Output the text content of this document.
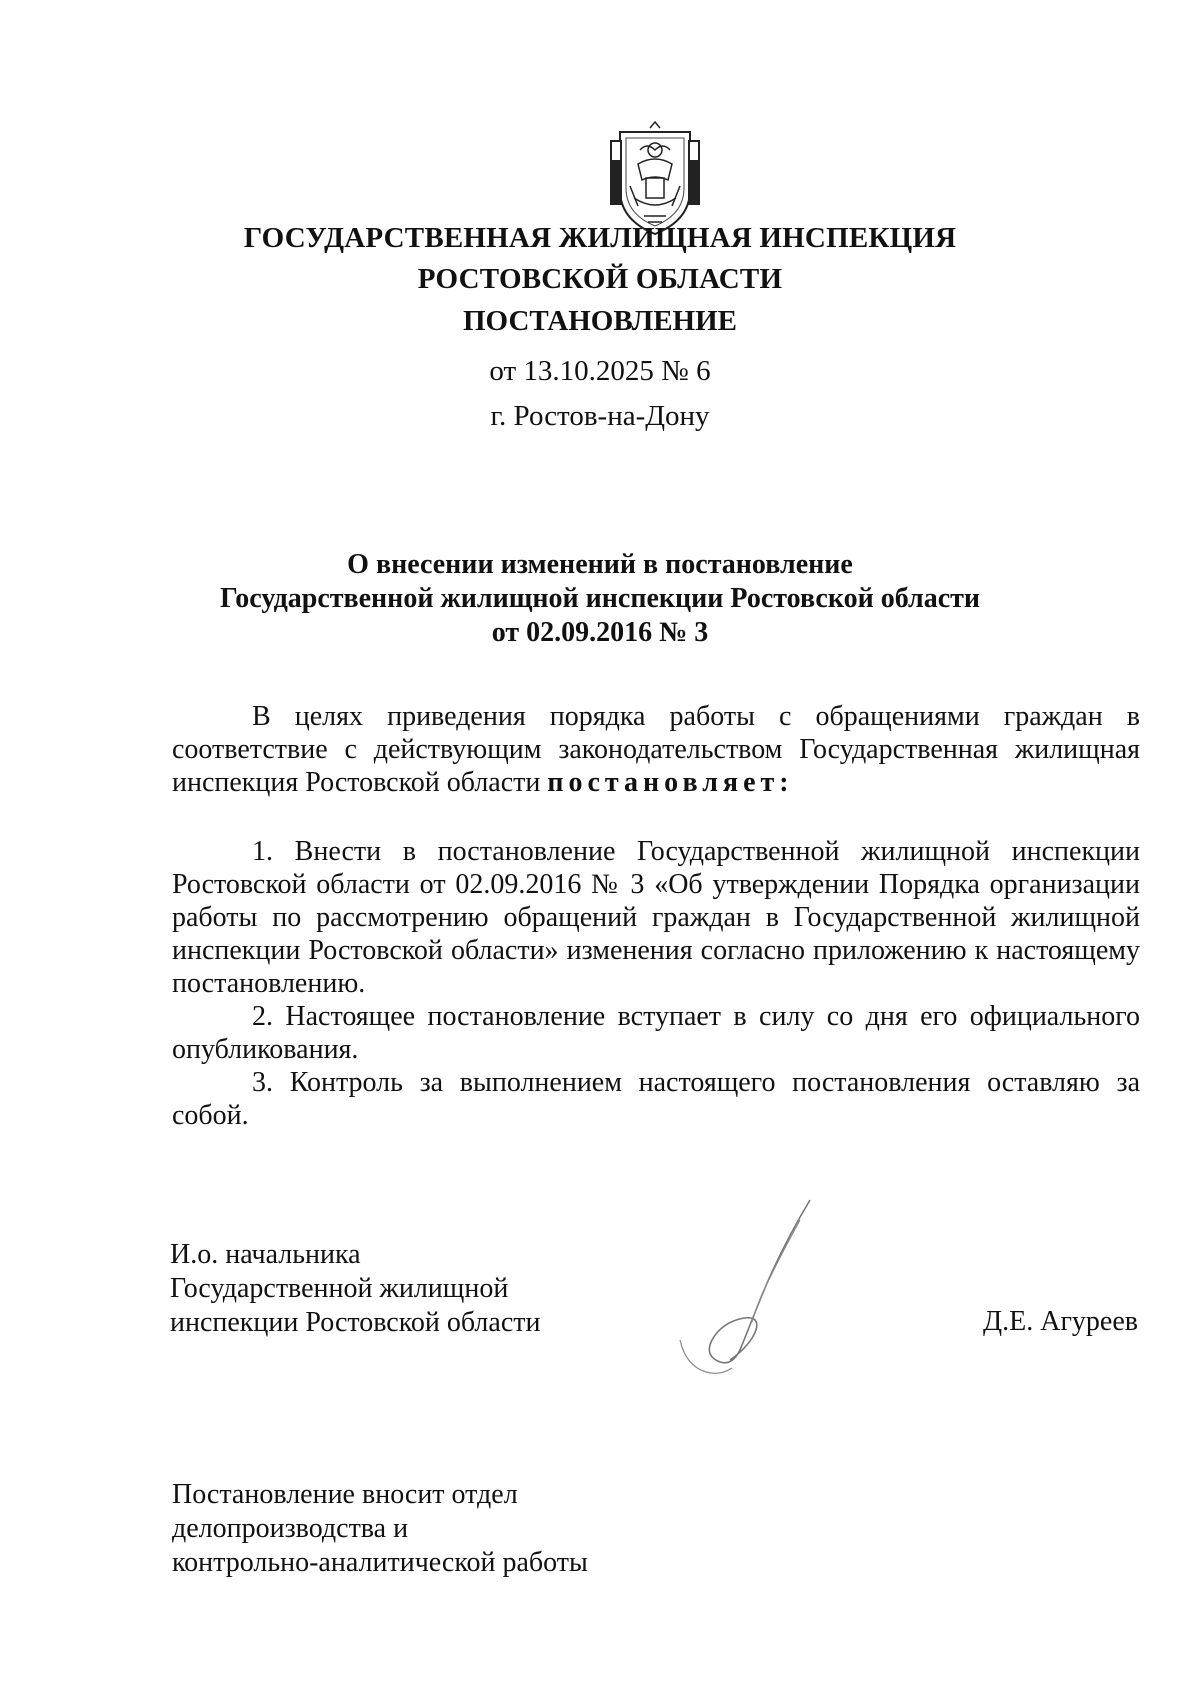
ГОСУДАРСТВЕННАЯ ЖИЛИЩНАЯ ИНСПЕКЦИЯ
РОСТОВСКОЙ ОБЛАСТИ
ПОСТАНОВЛЕНИЕ
от 13.10.2025 № 6
г. Ростов-на-Дону
О внесении изменений в постановление
Государственной жилищной инспекции Ростовской области
от 02.09.2016 № 3
В целях приведения порядка работы с обращениями граждан в соответствие с действующим законодательством Государственная жилищная инспекция Ростовской области постановляет:
1. Внести в постановление Государственной жилищной инспекции Ростовской области от 02.09.2016 № 3 «Об утверждении Порядка организации работы по рассмотрению обращений граждан в Государственной жилищной инспекции Ростовской области» изменения согласно приложению к настоящему постановлению.
2. Настоящее постановление вступает в силу со дня его официального опубликования.
3. Контроль за выполнением настоящего постановления оставляю за собой.
И.о. начальника
Государственной жилищной
инспекции Ростовской области	Д.Е. Агуреев
Постановление вносит отдел
делопроизводства и
контрольно-аналитической работы
